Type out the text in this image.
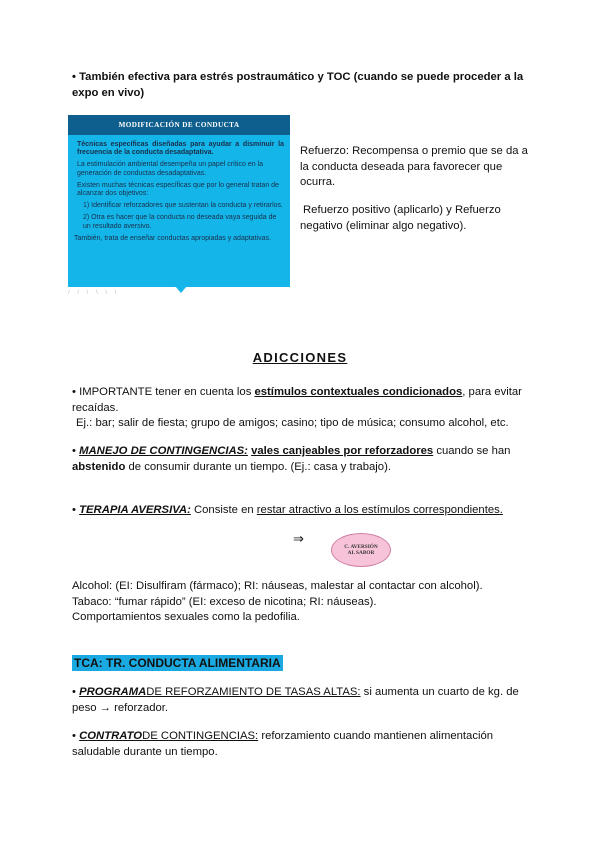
• También efectiva para estrés postraumático y TOC (cuando se puede proceder a la expo en vivo)
MODIFICACIÓN DE CONDUCTA
Técnicas específicas diseñadas para ayudar a disminuir la frecuencia de la conducta desadaptativa.
La estimulación ambiental desempeña un papel crítico en la generación de conductas desadaptativas.
Existen muchas técnicas específicas que por lo general tratan de alcanzar dos objetivos:
1) Identificar reforzadores que sustentan la conducta y retirarlos.
2) Otra es hacer que la conducta no deseada vaya seguida de un resultado aversivo.
También, trata de enseñar conductas apropiadas y adaptativas.
/ / \ \ \ \
Refuerzo: Recompensa o premio que se da a la conducta deseada para favorecer que ocurra.
Refuerzo positivo (aplicarlo) y Refuerzo negativo (eliminar algo negativo).
ADICCIONES
• IMPORTANTE tener en cuenta los estímulos contextuales condicionados, para evitar recaídas.
Ej.: bar; salir de fiesta; grupo de amigos; casino; tipo de música; consumo alcohol, etc.
• MANEJO DE CONTINGENCIAS: vales canjeables por reforzadores cuando se han abstenido de consumir durante un tiempo. (Ej.: casa y trabajo).
• TERAPIA AVERSIVA: Consiste en restar atractivo a los estímulos correspondientes.
⇒
C. AVERSIÓN
AL SABOR
Alcohol: (EI: Disulfiram (fármaco); RI: náuseas, malestar al contactar con alcohol).
Tabaco: “fumar rápido” (EI: exceso de nicotina; RI: náuseas).
Comportamientos sexuales como la pedofilia.
TCA: TR. CONDUCTA ALIMENTARIA
• PROGRAMADE REFORZAMIENTO DE TASAS ALTAS: si aumenta un cuarto de kg. de peso → reforzador.
• CONTRATODE CONTINGENCIAS: reforzamiento cuando mantienen alimentación saludable durante un tiempo.
